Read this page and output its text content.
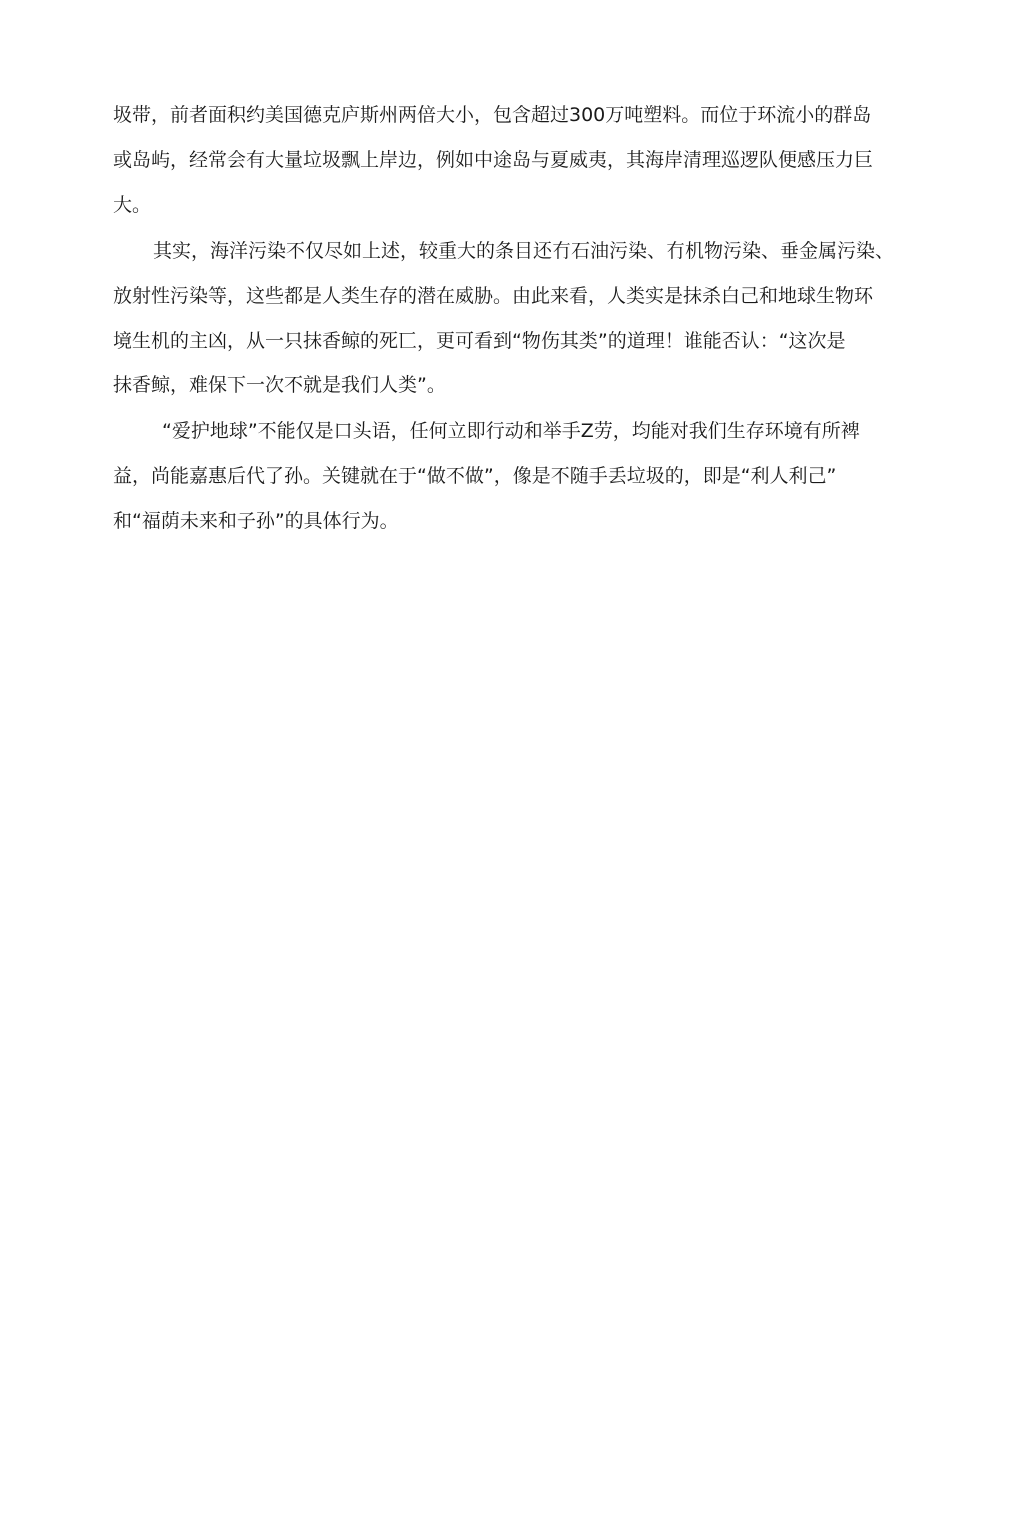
圾带，前者面积约美国德克庐斯州两倍大小，包含超过300万吨塑料。而位于环流小的群岛
或岛屿，经常会有大量垃圾飘上岸边，例如中途岛与夏威夷，其海岸清理巡逻队便感压力巨
大。
其实，海洋污染不仅尽如上述，较重大的条目还冇石油污染、冇机物污染、垂金属污染、
放射性污染等，这些都是人类生存的潜在威胁。由此来看，人类实是抹杀白己和地球生物环
境生机的主凶，从一只抹香鲸的死匸，更可看到“物伤其类”的道理！谁能否认：“这次是
抹香鲸，难保下一次不就是我们人类”。
“爱护地球”不能仅是口头语，任何立即行动和举手Z劳，均能对我们生存环境有所裨
益，尚能嘉惠后代了孙。关键就在于“做不做”，像是不随手丢垃圾的，即是“利人利己”
和“福荫未来和子孙”的具体行为。
